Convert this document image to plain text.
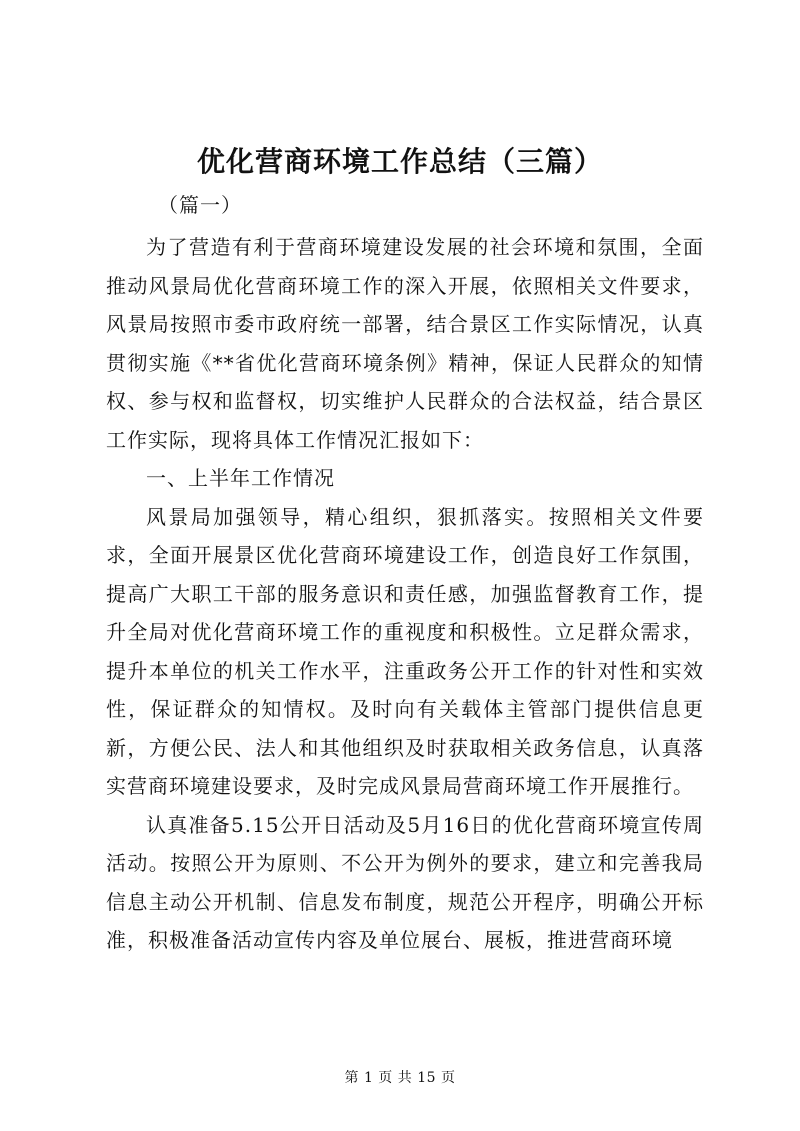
优化营商环境工作总结（三篇）
（篇一）

为了营造有利于营商环境建设发展的社会环境和氛围，全面推动风景局优化营商环境工作的深入开展，依照相关文件要求，风景局按照市委市政府统一部署，结合景区工作实际情况，认真贯彻实施《**省优化营商环境条例》精神，保证人民群众的知情权、参与权和监督权，切实维护人民群众的合法权益，结合景区工作实际，现将具体工作情况汇报如下：

一、上半年工作情况

风景局加强领导，精心组织，狠抓落实。按照相关文件要求，全面开展景区优化营商环境建设工作，创造良好工作氛围，提高广大职工干部的服务意识和责任感，加强监督教育工作，提升全局对优化营商环境工作的重视度和积极性。立足群众需求，提升本单位的机关工作水平，注重政务公开工作的针对性和实效性，保证群众的知情权。及时向有关载体主管部门提供信息更新，方便公民、法人和其他组织及时获取相关政务信息，认真落实营商环境建设要求，及时完成风景局营商环境工作开展推行。

认真准备5.15公开日活动及5月16日的优化营商环境宣传周活动。按照公开为原则、不公开为例外的要求，建立和完善我局信息主动公开机制、信息发布制度，规范公开程序，明确公开标准，积极准备活动宣传内容及单位展台、展板，推进营商环境

第 1 页 共 15 页
